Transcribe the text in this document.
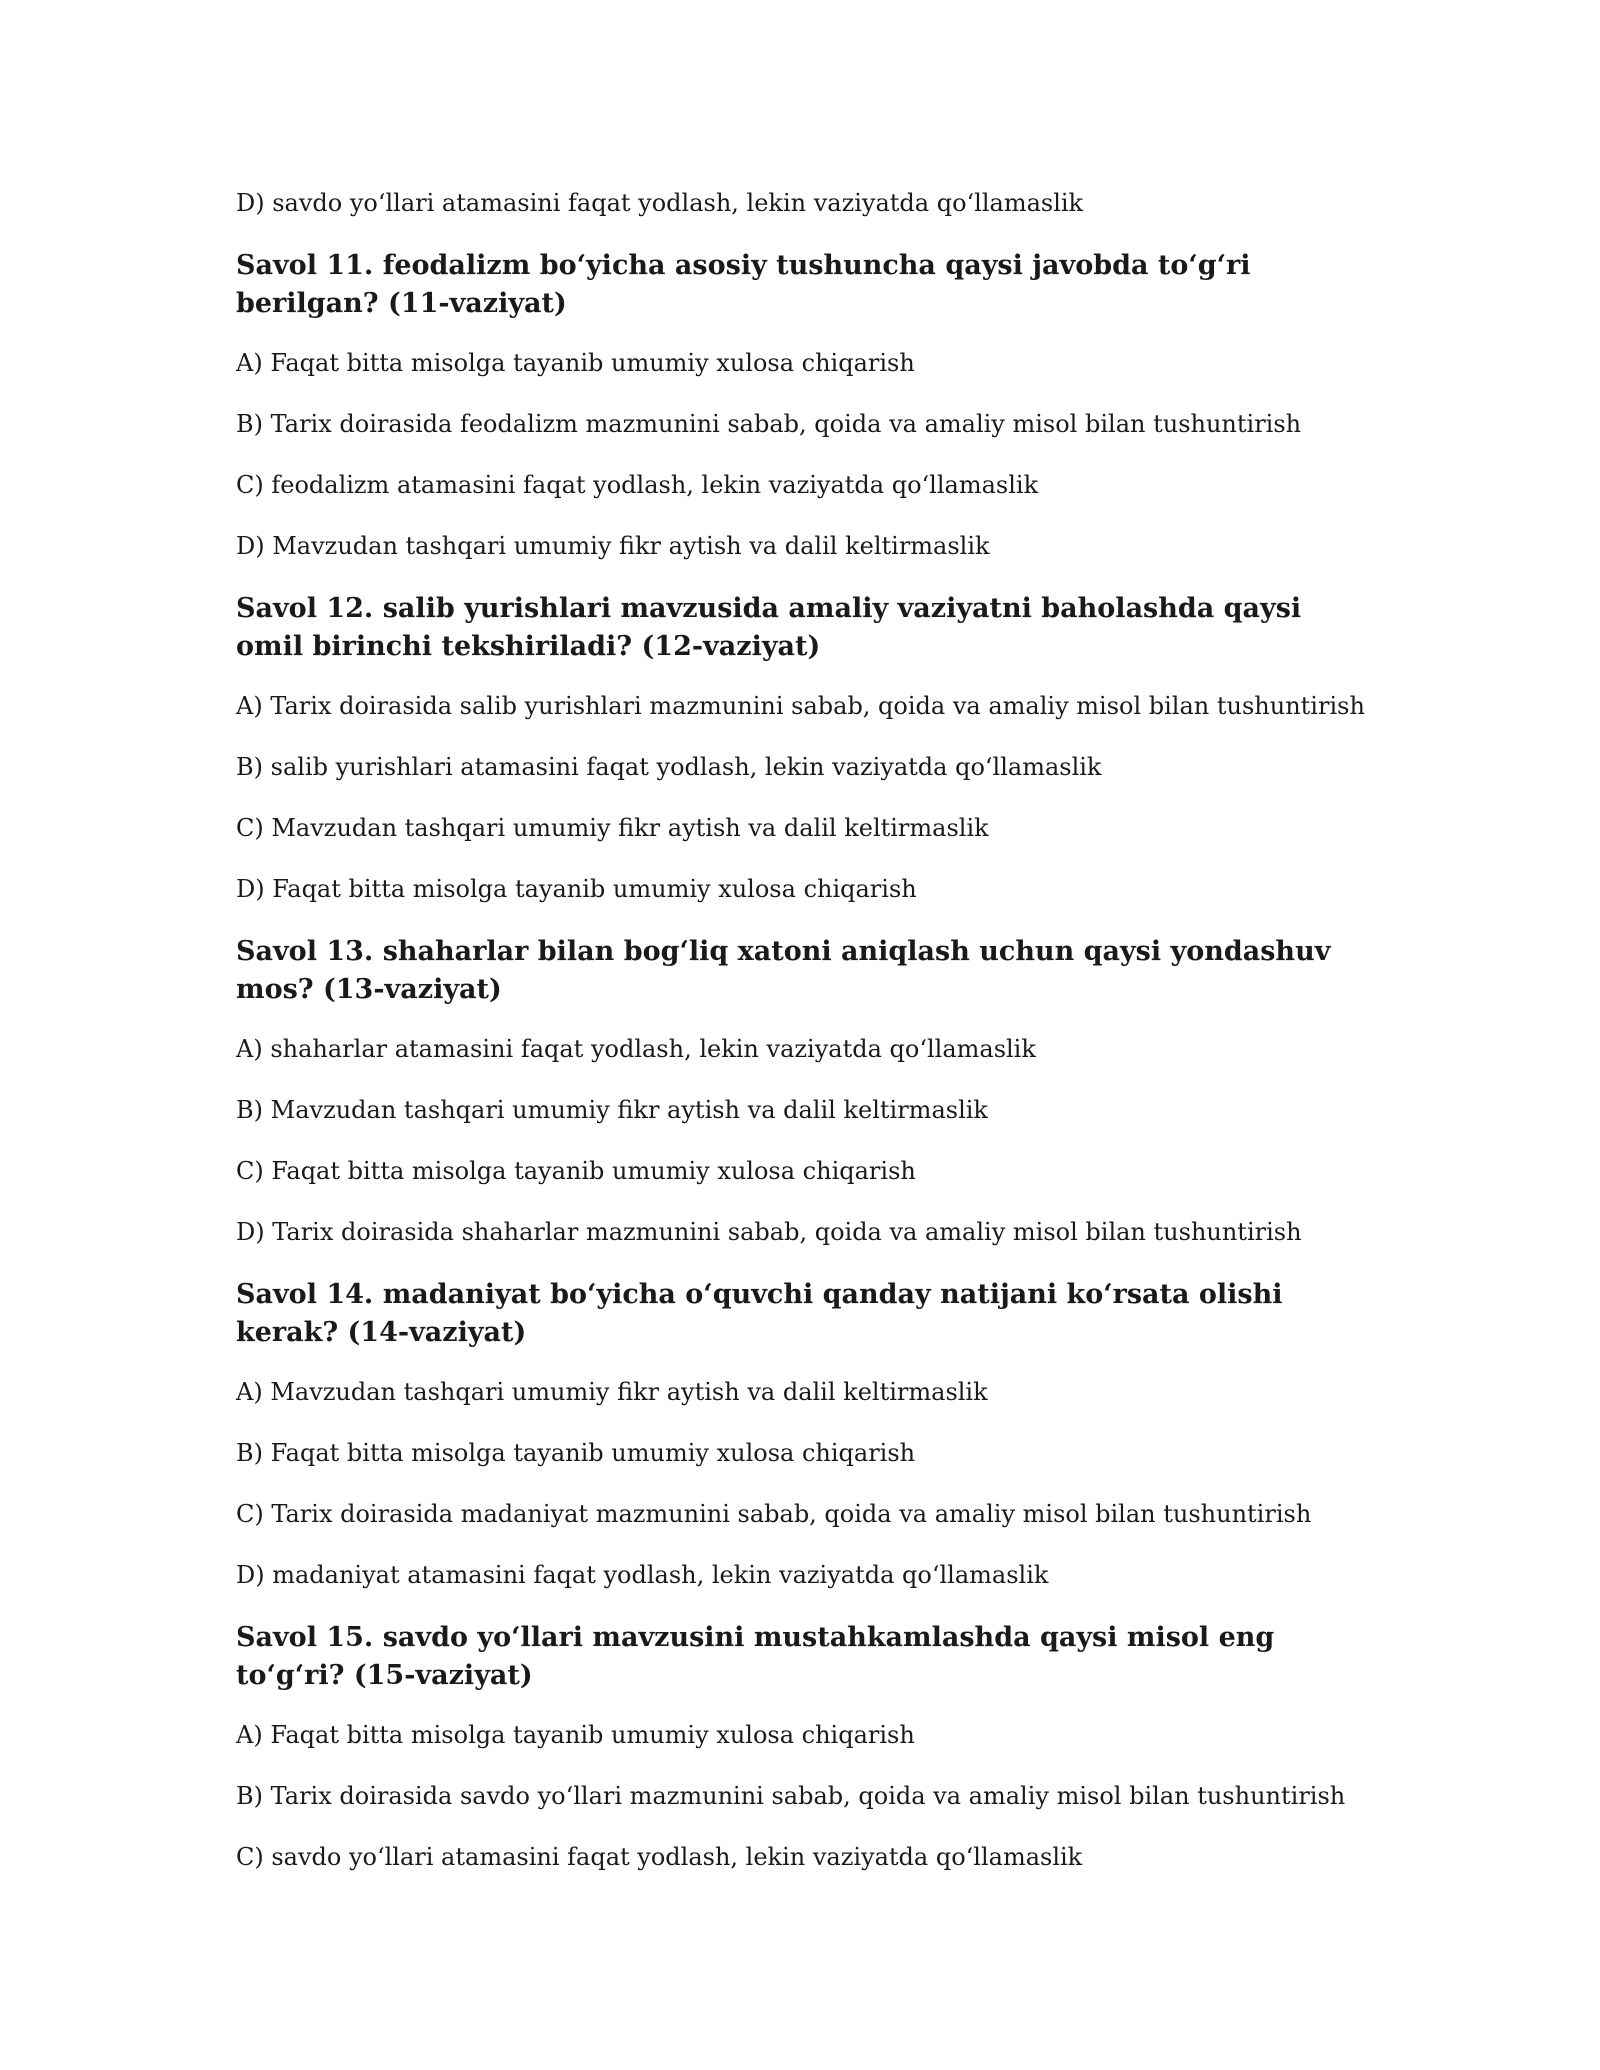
D) savdo yo‘llari atamasini faqat yodlash, lekin vaziyatda qo‘llamaslik

Savol 11. feodalizm bo‘yicha asosiy tushuncha qaysi javobda to‘g‘ri berilgan? (11-vaziyat)

A) Faqat bitta misolga tayanib umumiy xulosa chiqarish

B) Tarix doirasida feodalizm mazmunini sabab, qoida va amaliy misol bilan tushuntirish

C) feodalizm atamasini faqat yodlash, lekin vaziyatda qo‘llamaslik

D) Mavzudan tashqari umumiy fikr aytish va dalil keltirmaslik

Savol 12. salib yurishlari mavzusida amaliy vaziyatni baholashda qaysi omil birinchi tekshiriladi? (12-vaziyat)

A) Tarix doirasida salib yurishlari mazmunini sabab, qoida va amaliy misol bilan tushuntirish

B) salib yurishlari atamasini faqat yodlash, lekin vaziyatda qo‘llamaslik

C) Mavzudan tashqari umumiy fikr aytish va dalil keltirmaslik

D) Faqat bitta misolga tayanib umumiy xulosa chiqarish

Savol 13. shaharlar bilan bog‘liq xatoni aniqlash uchun qaysi yondashuv mos? (13-vaziyat)

A) shaharlar atamasini faqat yodlash, lekin vaziyatda qo‘llamaslik

B) Mavzudan tashqari umumiy fikr aytish va dalil keltirmaslik

C) Faqat bitta misolga tayanib umumiy xulosa chiqarish

D) Tarix doirasida shaharlar mazmunini sabab, qoida va amaliy misol bilan tushuntirish

Savol 14. madaniyat bo‘yicha o‘quvchi qanday natijani ko‘rsata olishi kerak? (14-vaziyat)

A) Mavzudan tashqari umumiy fikr aytish va dalil keltirmaslik

B) Faqat bitta misolga tayanib umumiy xulosa chiqarish

C) Tarix doirasida madaniyat mazmunini sabab, qoida va amaliy misol bilan tushuntirish

D) madaniyat atamasini faqat yodlash, lekin vaziyatda qo‘llamaslik

Savol 15. savdo yo‘llari mavzusini mustahkamlashda qaysi misol eng to‘g‘ri? (15-vaziyat)

A) Faqat bitta misolga tayanib umumiy xulosa chiqarish

B) Tarix doirasida savdo yo‘llari mazmunini sabab, qoida va amaliy misol bilan tushuntirish

C) savdo yo‘llari atamasini faqat yodlash, lekin vaziyatda qo‘llamaslik
